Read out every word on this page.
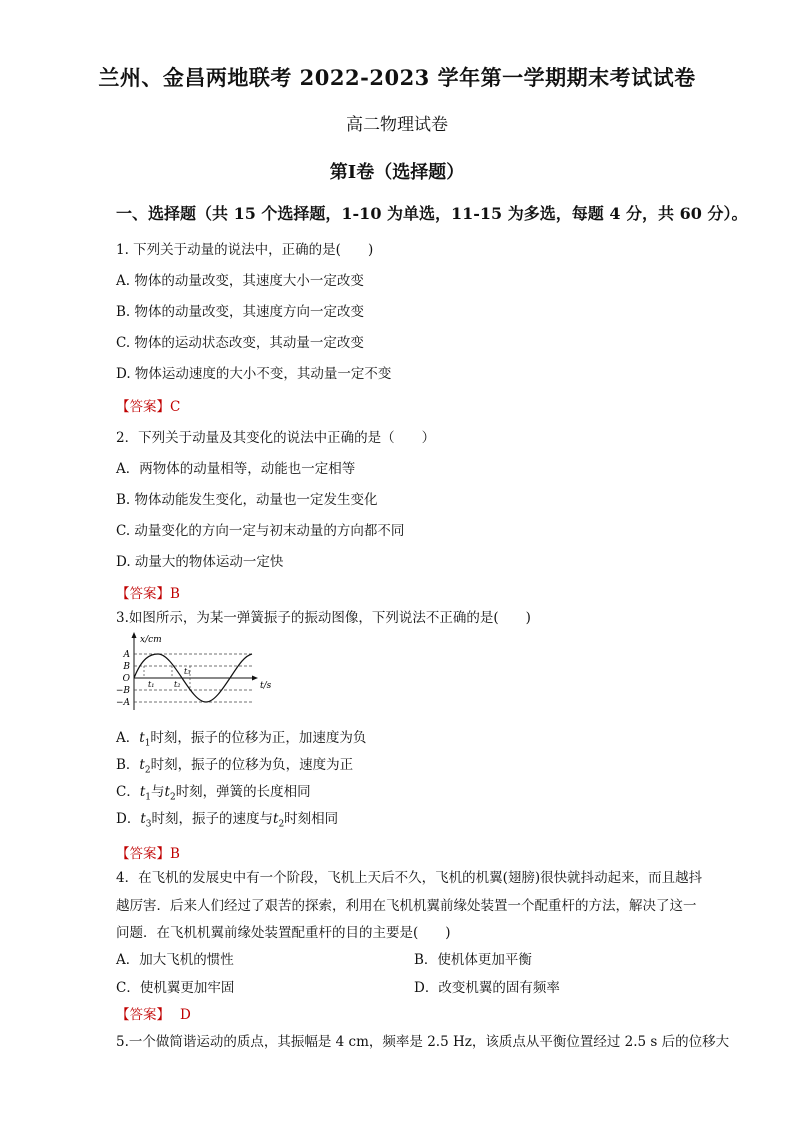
兰州、金昌两地联考 2022-2023 学年第一学期期末考试试卷
高二物理试卷
第Ⅰ卷（选择题）
一、选择题（共 15 个选择题，1-10 为单选，11-15 为多选，每题 4 分，共 60 分）。
1. 下列关于动量的说法中，正确的是(　　)
A. 物体的动量改变，其速度大小一定改变
B. 物体的动量改变，其速度方向一定改变
C. 物体的运动状态改变，其动量一定改变
D. 物体运动速度的大小不变，其动量一定不变
【答案】C
2．下列关于动量及其变化的说法中正确的是（　　）
A．两物体的动量相等，动能也一定相等
B. 物体动能发生变化，动量也一定发生变化
C. 动量变化的方向一定与初末动量的方向都不同
D. 动量大的物体运动一定快
【答案】B
3.如图所示，为某一弹簧振子的振动图像，下列说法不正确的是(　　)
x/cm
t/s
A
B
O
−B
−A
t₁ t₂
t₃
A．$t_1$时刻，振子的位移为正，加速度为负
B．$t_2$时刻，振子的位移为负，速度为正
C．$t_1$与$t_2$时刻，弹簧的长度相同
D．$t_3$时刻，振子的速度与$t_2$时刻相同
【答案】B
4．在飞机的发展史中有一个阶段，飞机上天后不久，飞机的机翼(翅膀)很快就抖动起来，而且越抖
越厉害．后来人们经过了艰苦的探索，利用在飞机机翼前缘处装置一个配重杆的方法，解决了这一
问题．在飞机机翼前缘处装置配重杆的目的主要是(　　)
A．加大飞机的惯性	B．使机体更加平衡
C．使机翼更加牢固	D．改变机翼的固有频率
【答案】 D
5.一个做简谐运动的质点，其振幅是 4 cm，频率是 2.5 Hz，该质点从平衡位置经过 2.5 s 后的位移大
